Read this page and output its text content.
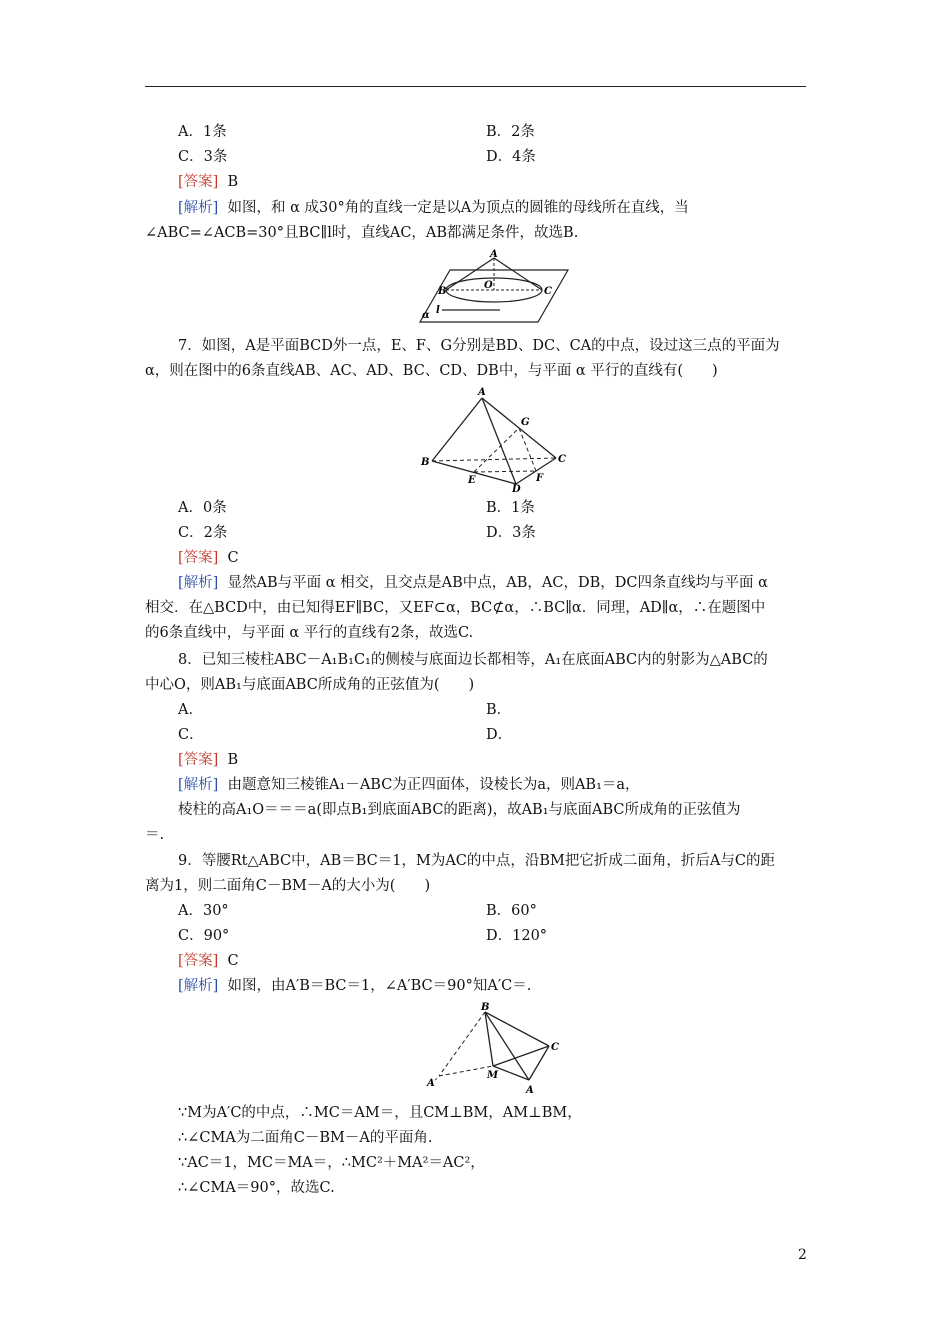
A．1条	B．2条
C．3条	D．4条
[答案] B
[解析] 如图，和 α 成30°角的直线一定是以A为顶点的圆锥的母线所在直线，当
∠ABC=∠ACB=30°且BC∥l时，直线AC，AB都满足条件，故选B.
A
B	C
O
l
α
7．如图，A是平面BCD外一点，E、F、G分别是BD、DC、CA的中点，设过这三点的平面为
α，则在图中的6条直线AB、AC、AD、BC、CD、DB中，与平面 α 平行的直线有(　　)
A
B	C
D
E	F
G
A．0条	B．1条
C．2条	D．3条
[答案] C
[解析] 显然AB与平面 α 相交，且交点是AB中点，AB，AC，DB，DC四条直线均与平面 α
相交．在△BCD中，由已知得EF∥BC，又EF⊂α，BC⊄α，∴BC∥α．同理，AD∥α，∴在题图中
的6条直线中，与平面 α 平行的直线有2条，故选C.
8．已知三棱柱ABC－A₁B₁C₁的侧棱与底面边长都相等，A₁在底面ABC内的射影为△ABC的
中心O，则AB₁与底面ABC所成角的正弦值为(　　)
A．	B．
C．	D．
[答案] B
[解析] 由题意知三棱锥A₁－ABC为正四面体，设棱长为a，则AB₁＝a，
棱柱的高A₁O＝＝＝a(即点B₁到底面ABC的距离)，故AB₁与底面ABC所成角的正弦值为
＝.
9．等腰Rt△ABC中，AB＝BC＝1，M为AC的中点，沿BM把它折成二面角，折后A与C的距
离为1，则二面角C－BM－A的大小为(　　)
A．30°	B．60°
C．90°	D．120°
[答案] C
[解析] 如图，由A′B＝BC＝1，∠A′BC＝90°知A′C＝.
B
C
M
A
A′
∵M为A′C的中点，∴MC＝AM＝，且CM⊥BM，AM⊥BM，
∴∠CMA为二面角C－BM－A的平面角.
∵AC＝1，MC＝MA＝，∴MC²＋MA²＝AC²，
∴∠CMA＝90°，故选C.
2
